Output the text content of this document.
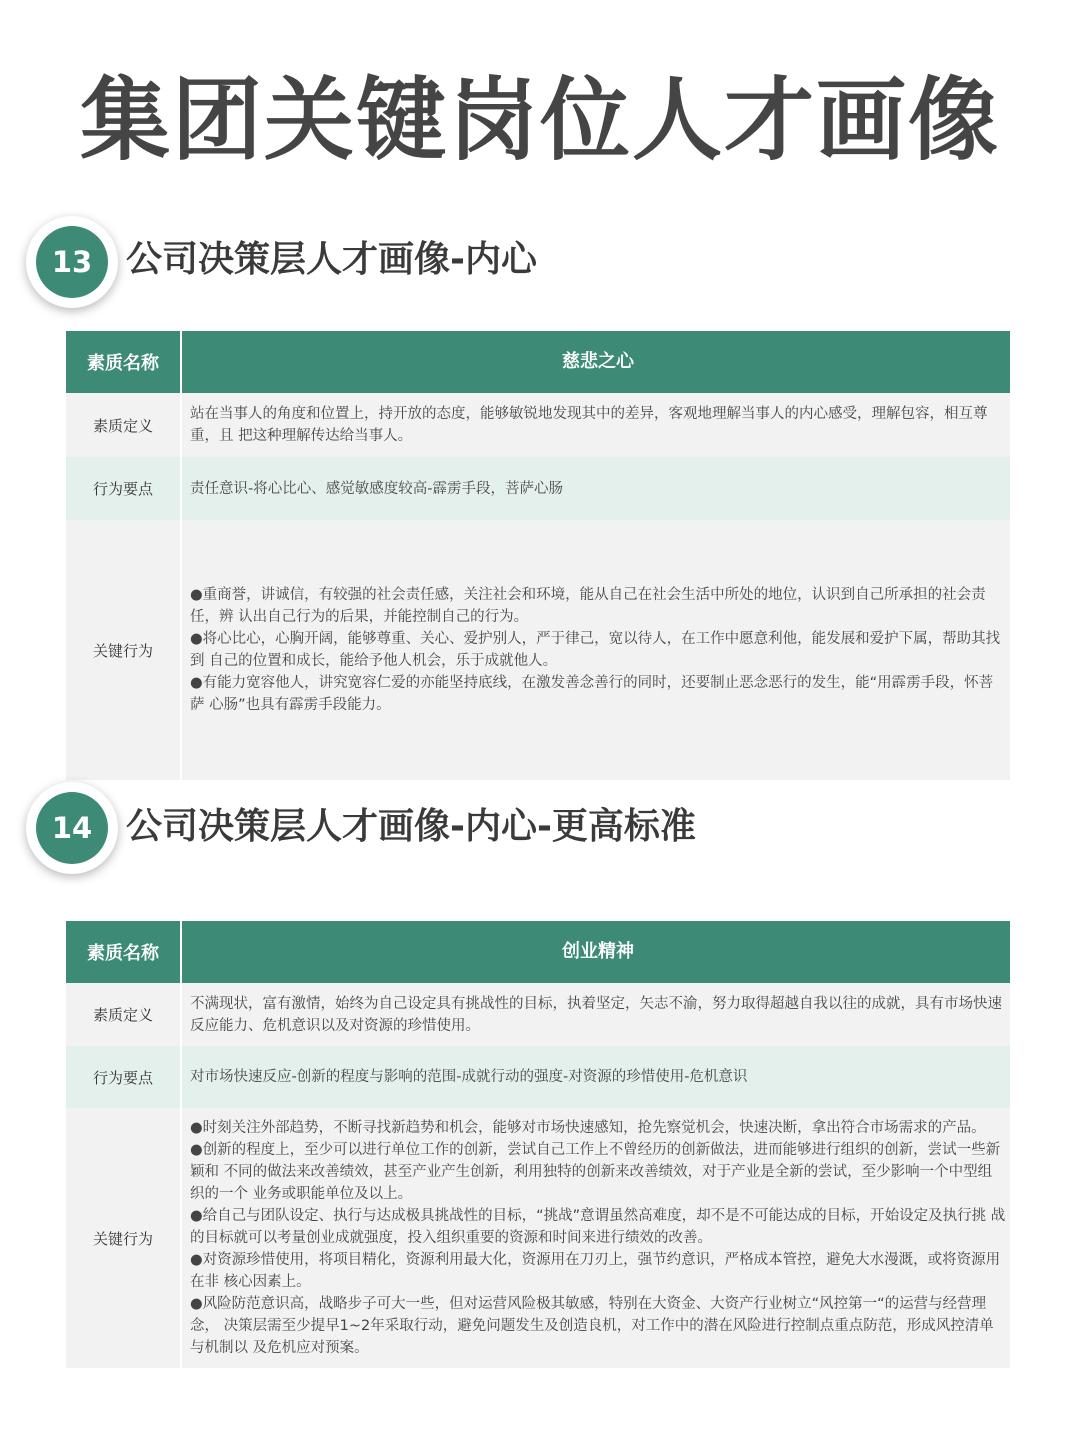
集团关键岗位人才画像
13 公司决策层人才画像-内心
素质名称	慈悲之心
素质定义	站在当事人的角度和位置上，持开放的态度，能够敏锐地发现其中的差异，客观地理解当事人的内心感受，理解包容，相互尊重，且 把这种理解传达给当事人。
行为要点	责任意识-将心比心、感觉敏感度较高-霹雳手段，菩萨心肠
关键行为	●重商誉，讲诚信，有较强的社会责任感，关注社会和环境，能从自己在社会生活中所处的地位，认识到自己所承担的社会责任，辨 认出自己行为的后果，并能控制自己的行为。
●将心比心，心胸开阔，能够尊重、关心、爱护别人，严于律己，宽以待人，在工作中愿意利他，能发展和爱护下属，帮助其找到 自己的位置和成长，能给予他人机会，乐于成就他人。
●有能力宽容他人，讲究宽容仁爱的亦能坚持底线，在激发善念善行的同时，还要制止恶念恶行的发生，能“用霹雳手段，怀菩萨 心肠”也具有霹雳手段能力。
14 公司决策层人才画像-内心-更高标准
素质名称	创业精神
素质定义	不满现状，富有激情，始终为自己设定具有挑战性的目标，执着坚定，矢志不渝，努力取得超越自我以往的成就，具有市场快速反应能力、危机意识以及对资源的珍惜使用。
行为要点	对市场快速反应-创新的程度与影响的范围-成就行动的强度-对资源的珍惜使用-危机意识
关键行为	●时刻关注外部趋势，不断寻找新趋势和机会，能够对市场快速感知，抢先察觉机会，快速决断，拿出符合市场需求的产品。
●创新的程度上，至少可以进行单位工作的创新，尝试自己工作上不曾经历的创新做法，进而能够进行组织的创新，尝试一些新颖和 不同的做法来改善绩效，甚至产业产生创新，利用独特的创新来改善绩效，对于产业是全新的尝试，至少影响一个中型组织的一个 业务或职能单位及以上。
●给自己与团队设定、执行与达成极具挑战性的目标，“挑战”意谓虽然高难度，却不是不可能达成的目标，开始设定及执行挑 战的目标就可以考量创业成就强度，投入组织重要的资源和时间来进行绩效的改善。
●对资源珍惜使用，将项目精化，资源利用最大化，资源用在刀刃上，强节约意识，严格成本管控，避免大水漫溉，或将资源用在非 核心因素上。
●风险防范意识高，战略步子可大一些，但对运营风险极其敏感，特别在大资金、大资产行业树立“风控第一“的运营与经营理念， 决策层需至少提早1~2年采取行动，避免问题发生及创造良机，对工作中的潜在风险进行控制点重点防范，形成风控清单与机制以 及危机应对预案。
